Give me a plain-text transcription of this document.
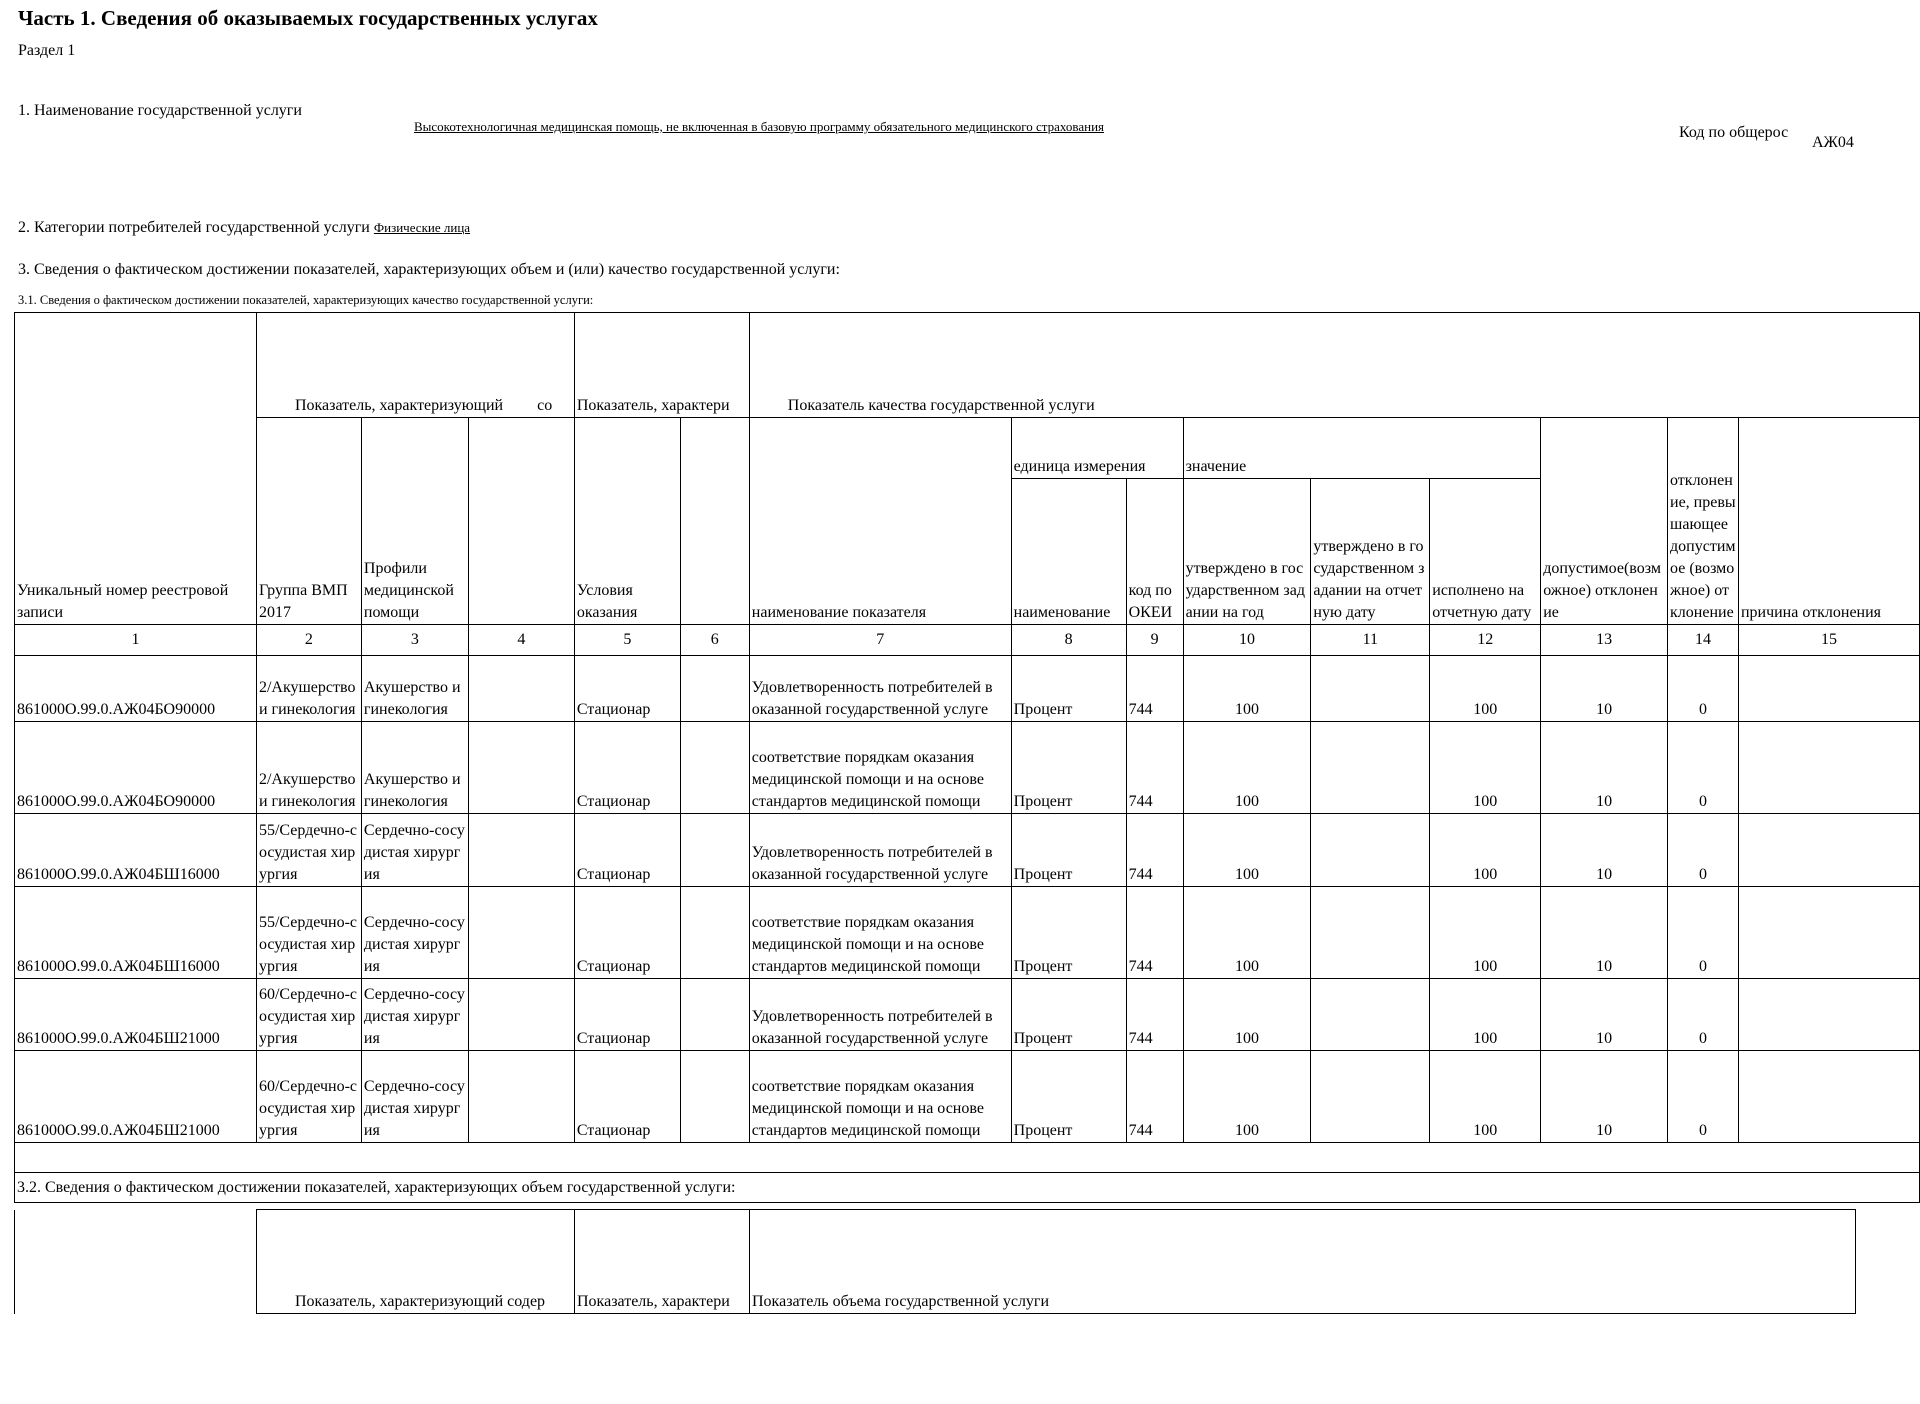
Часть 1. Сведения об оказываемых государственных услугах
Раздел 1
1. Наименование государственной услуги
Высокотехнологичная медицинская помощь, не включенная в базовую программу обязательного медицинского страхования	Код по общерос
АЖ04
2. Категории потребителей государственной услуги Физические лица
3. Сведения о фактическом достижении показателей, характеризующих объем и (или) качество государственной услуги:
3.1. Сведения о фактическом достижении показателей, характеризующих качество государственной услуги:
Уникальный номер реестровой записи	Показатель, характеризующий со			Показатель, характери		Показатель качества государственной услуги								
	Группа ВМП 2017	Профили медицинской помощи		Условия оказания		наименование показателя	единица измерения		значение			допустимое(возможное) отклонение	отклонение, превышающее допустимое (возможное) отклонение	причина отклонения
							наименование	код по ОКЕИ	утверждено в государственном задании на год	утверждено в государственном задании на отчетную дату	исполнено на отчетную дату			
1	2	3	4	5	6	7	8	9	10	11	12	13	14	15
861000О.99.0.АЖ04БО90000	2/Акушерство и гинекология	Акушерство и гинекология		Стационар		Удовлетворенность потребителей в оказанной государственной услуге	Процент	744	100		100	10	0	
861000О.99.0.АЖ04БО90000	2/Акушерство и гинекология	Акушерство и гинекология		Стационар		соответствие порядкам оказания медицинской помощи и на основе стандартов медицинской помощи	Процент	744	100		100	10	0	
861000О.99.0.АЖ04БШ16000	55/Сердечно-сосудистая хирургия	Сердечно-сосудистая хирургия		Стационар		Удовлетворенность потребителей в оказанной государственной услуге	Процент	744	100		100	10	0	
861000О.99.0.АЖ04БШ16000	55/Сердечно-сосудистая хирургия	Сердечно-сосудистая хирургия		Стационар		соответствие порядкам оказания медицинской помощи и на основе стандартов медицинской помощи	Процент	744	100		100	10	0	
861000О.99.0.АЖ04БШ21000	60/Сердечно-сосудистая хирургия	Сердечно-сосудистая хирургия		Стационар		Удовлетворенность потребителей в оказанной государственной услуге	Процент	744	100		100	10	0	
861000О.99.0.АЖ04БШ21000	60/Сердечно-сосудистая хирургия	Сердечно-сосудистая хирургия		Стационар		соответствие порядкам оказания медицинской помощи и на основе стандартов медицинской помощи	Процент	744	100		100	10	0	

3.2. Сведения о фактическом достижении показателей, характеризующих объем государственной услуги:														
	Показатель, характеризующий содер	Показатель, характери	Показатель объема государственной услуги
